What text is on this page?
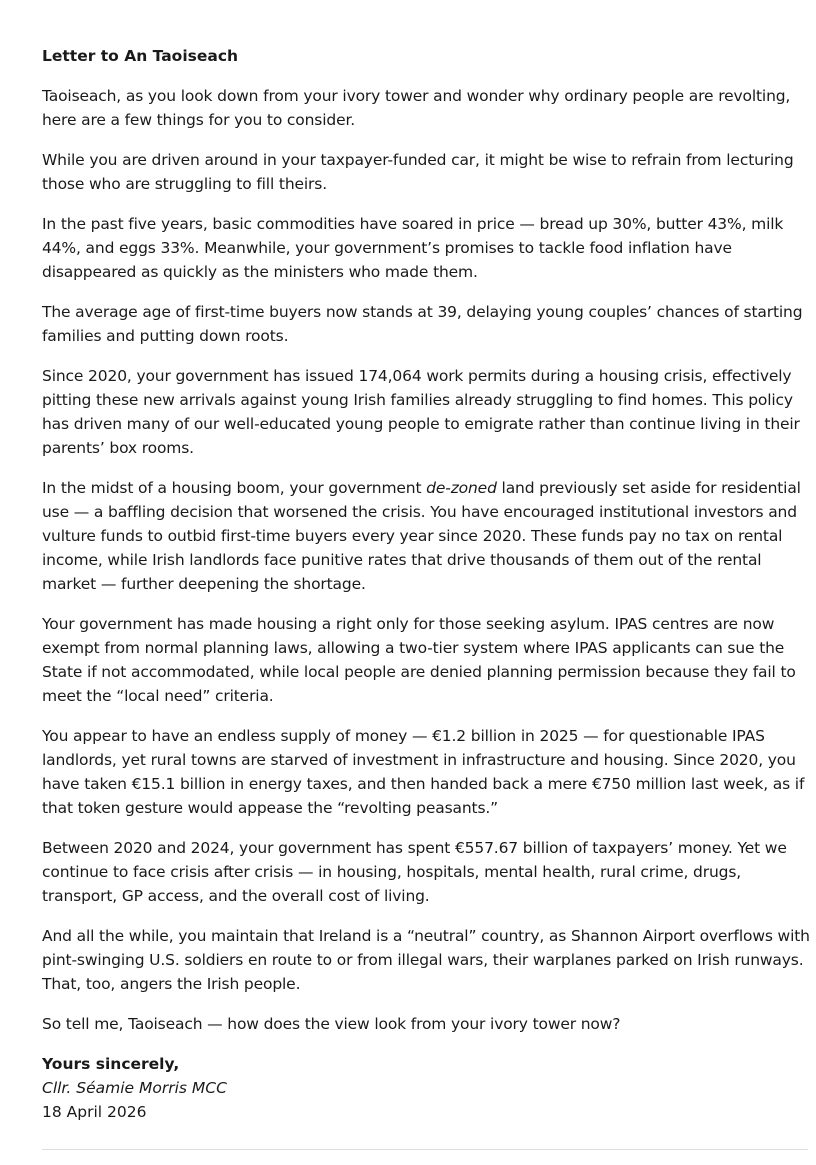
Letter to An Taoiseach

Taoiseach, as you look down from your ivory tower and wonder why ordinary people are revolting, here are a few things for you to consider.

While you are driven around in your taxpayer-funded car, it might be wise to refrain from lecturing those who are struggling to fill theirs.

In the past five years, basic commodities have soared in price — bread up 30%, butter 43%, milk 44%, and eggs 33%. Meanwhile, your government’s promises to tackle food inflation have disappeared as quickly as the ministers who made them.

The average age of first-time buyers now stands at 39, delaying young couples’ chances of starting families and putting down roots.

Since 2020, your government has issued 174,064 work permits during a housing crisis, effectively pitting these new arrivals against young Irish families already struggling to find homes. This policy has driven many of our well-educated young people to emigrate rather than continue living in their parents’ box rooms.

In the midst of a housing boom, your government de-zoned land previously set aside for residential use — a baffling decision that worsened the crisis. You have encouraged institutional investors and vulture funds to outbid first-time buyers every year since 2020. These funds pay no tax on rental income, while Irish landlords face punitive rates that drive thousands of them out of the rental market — further deepening the shortage.

Your government has made housing a right only for those seeking asylum. IPAS centres are now exempt from normal planning laws, allowing a two-tier system where IPAS applicants can sue the State if not accommodated, while local people are denied planning permission because they fail to meet the “local need” criteria.

You appear to have an endless supply of money — €1.2 billion in 2025 — for questionable IPAS landlords, yet rural towns are starved of investment in infrastructure and housing. Since 2020, you have taken €15.1 billion in energy taxes, and then handed back a mere €750 million last week, as if that token gesture would appease the “revolting peasants.”

Between 2020 and 2024, your government has spent €557.67 billion of taxpayers’ money. Yet we continue to face crisis after crisis — in housing, hospitals, mental health, rural crime, drugs, transport, GP access, and the overall cost of living.

And all the while, you maintain that Ireland is a “neutral” country, as Shannon Airport overflows with pint-swinging U.S. soldiers en route to or from illegal wars, their warplanes parked on Irish runways. That, too, angers the Irish people.

So tell me, Taoiseach — how does the view look from your ivory tower now?

Yours sincerely,
Cllr. Séamie Morris MCC
18 April 2026
